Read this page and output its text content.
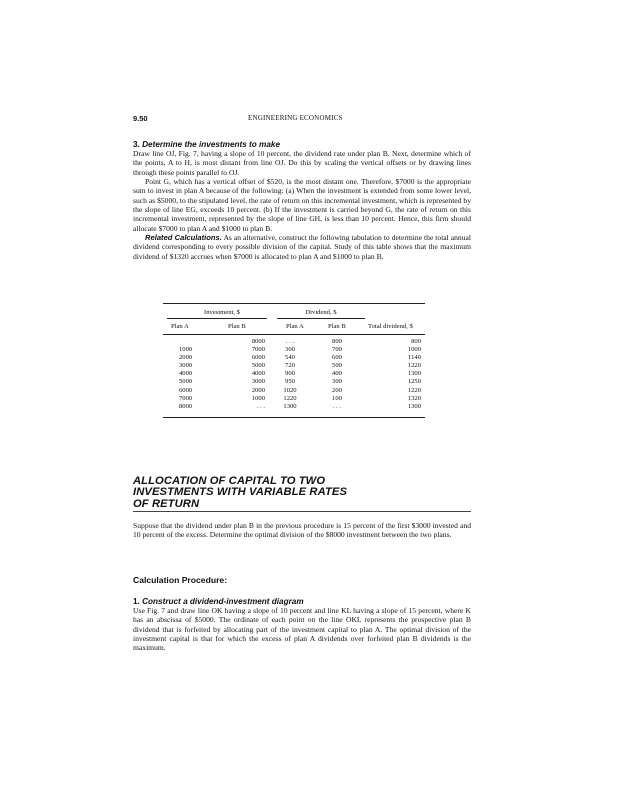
9.50	ENGINEERING ECONOMICS
3. Determine the investments to make

Draw line OJ, Fig. 7, having a slope of 10 percent, the dividend rate under plan B. Next, determine which of the points, A to H, is most distant from line OJ. Do this by scaling the vertical offsets or by drawing lines through these points parallel to OJ.

Point G, which has a vertical offset of $520, is the most distant one. Therefore, $7000 is the appropriate sum to invest in plan A because of the following: (a) When the investment is extended from some lower level, such as $5000, to the stipulated level, the rate of return on this incremental investment, which is represented by the slope of line EG, exceeds 10 percent. (b) If the investment is carried beyond G, the rate of return on this incremental investment, represented by the slope of line GH, is less than 10 percent. Hence, this firm should allocate $7000 to plan A and $1000 to plan B.

Related Calculations. As an alternative, construct the following tabulation to determine the total annual dividend corresponding to every possible division of the capital. Study of this table shows that the maximum dividend of $1320 accrues when $7000 is allocated to plan A and $1000 to plan B.

Investment, $	Dividend, $
Plan A	Plan B	Plan A	Plan B	Total dividend, $
		8000	. . .	800	800
	1000	7000	300	700	1000
	2000	6000	540	600	1140
	3000	5000	720	500	1220
	4000	4000	900	400	1300
	5000	3000	950	300	1250
	6000	2000	1020	200	1220
	7000	1000	1220	100	1320
	8000	. . .	1300	. . .	1300
ALLOCATION OF CAPITAL TO TWO
INVESTMENTS WITH VARIABLE RATES
OF RETURN

Suppose that the dividend under plan B in the previous procedure is 15 percent of the first $3000 invested and 10 percent of the excess. Determine the optimal division of the $8000 investment between the two plans.

Calculation Procedure:
1. Construct a dividend-investment diagram

Use Fig. 7 and draw line OK having a slope of 10 percent and line KL having a slope of 15 percent, where K has an abscissa of $5000. The ordinate of each point on the line OKL represents the prospective plan B dividend that is forfeited by allocating part of the investment capital to plan A. The optimal division of the investment capital is that for which the excess of plan A dividends over forfeited plan B dividends is the maximum.
